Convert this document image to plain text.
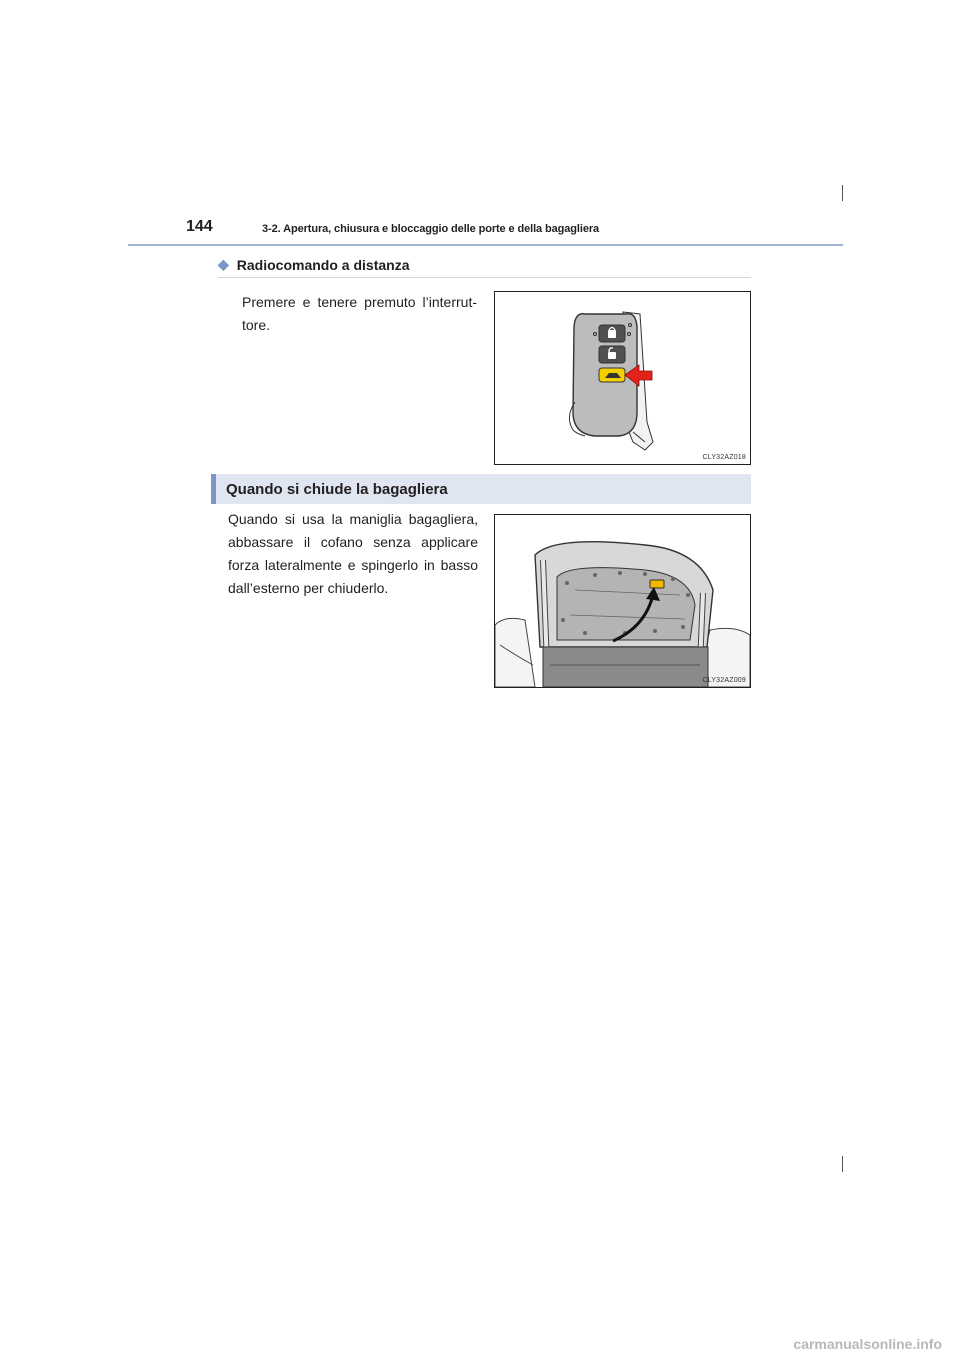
144	3-2. Apertura, chiusura e bloccaggio delle porte e della bagagliera
◆ Radiocomando a distanza
Premere e tenere premuto l’interrut-tore.
CLY32AZ018
Quando si chiude la bagagliera
Quando si usa la maniglia bagagliera, abbassare il cofano senza applicare forza lateralmente e spingerlo in basso dall’esterno per chiuderlo.
CLY32AZ009
carmanualsonline.info
